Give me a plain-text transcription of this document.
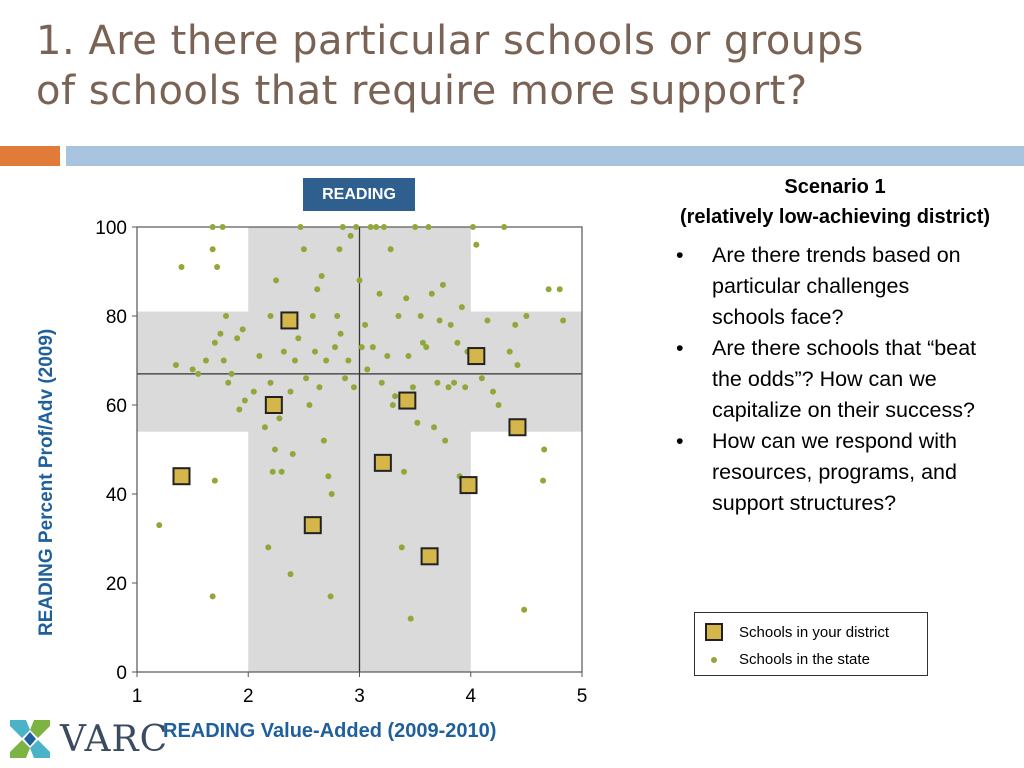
1. Are there particular schools or groups
of schools that require more support?
1	2	3	4	5
0
20
40
60
80
100
READING Percent Prof/Adv (2009)
READING Value-Added (2009-2010)
READING	Scenario 1
(relatively low-achieving district)
• Are there trends based on particular challenges schools face?
• Are there schools that “beat the odds”? How can we capitalize on their success?
• How can we respond with resources, programs, and support structures?
Schools in your district
Schools in the state
VARC
